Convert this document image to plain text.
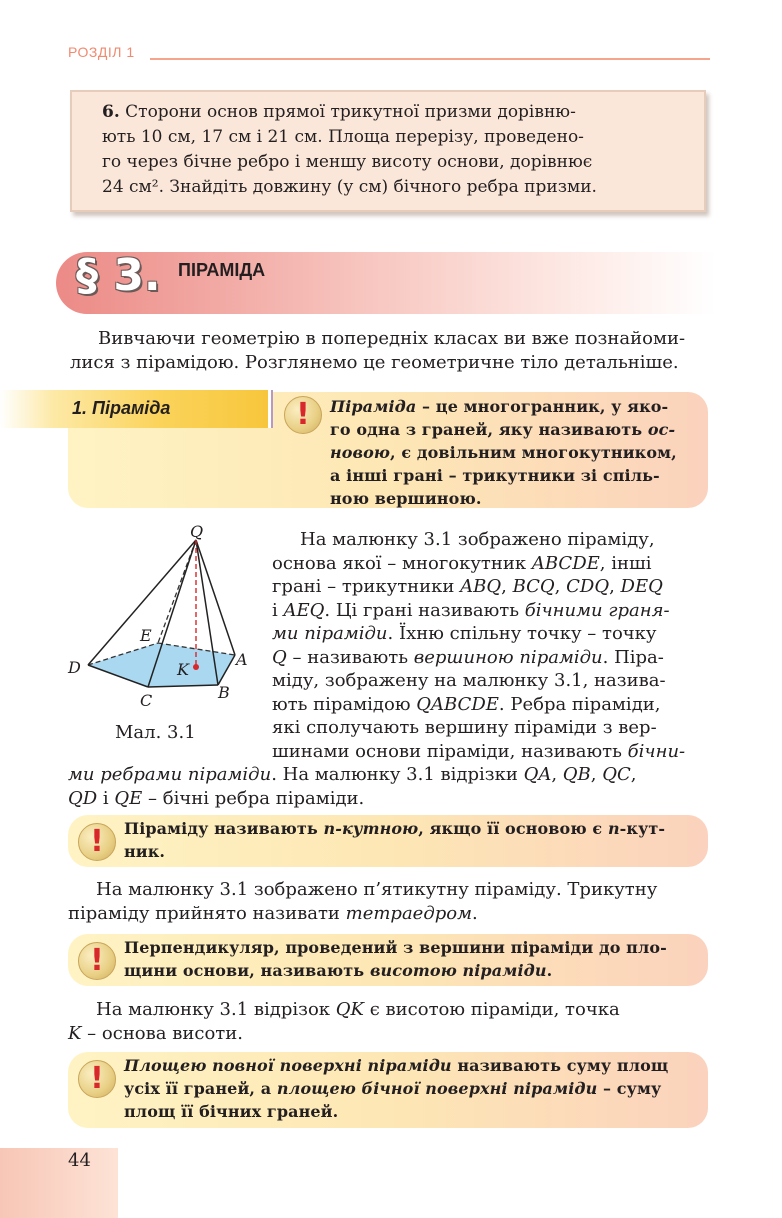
РОЗДІЛ 1
6. Сторони основ прямої трикутної призми дорівню-
ють 10 см, 17 см і 21 см. Площа перерізу, проведено-
го через бічне ребро і меншу висоту основи, дорівнює
24 см². Знайдіть довжину (у см) бічного ребра призми.
§ 3. ПІРАМІДА
Вивчаючи геометрію в попередніх класах ви вже познайоми-
лися з пірамідою. Розглянемо це геометричне тіло детальніше.
1. Піраміда	!	Піраміда – це многогранник, у яко-
го одна з граней, яку називають ос-
новою, є довільним многокутником,
а інші грані – трикутники зі спіль-
ною вершиною.
Q
E
D	K
A
C	B
Мал. 3.1
На малюнку 3.1 зображено піраміду,
основа якої – многокутник ABCDE, інші
грані – трикутники ABQ, BCQ, CDQ, DEQ
і AEQ. Ці грані називають бічними граня-
ми піраміди. Їхню спільну точку – точку
Q – називають вершиною піраміди. Пірa-
міду, зображену на малюнку 3.1, назива-
ють пірамідою QABCDE. Ребра піраміди,
які сполучають вершину піраміди з вер-
шинами основи піраміди, називають бічни-
ми ребрами піраміди. На малюнку 3.1 відрізки QA, QB, QC,
QD і QE – бічні ребра піраміди.
!	Піраміду називають n-кутною, якщо її основою є n-кут-
ник.
На малюнку 3.1 зображено п’ятикутну піраміду. Трикутну
піраміду прийнято називати тетраедром.
!	Перпендикуляр, проведений з вершини піраміди до пло-
щини основи, називають висотою піраміди.
На малюнку 3.1 відрізок QK є висотою піраміди, точка
K – основа висоти.
!	Площею повної поверхні піраміди називають суму площ
усіх її граней, а площею бічної поверхні піраміди – суму
площ її бічних граней.
44
